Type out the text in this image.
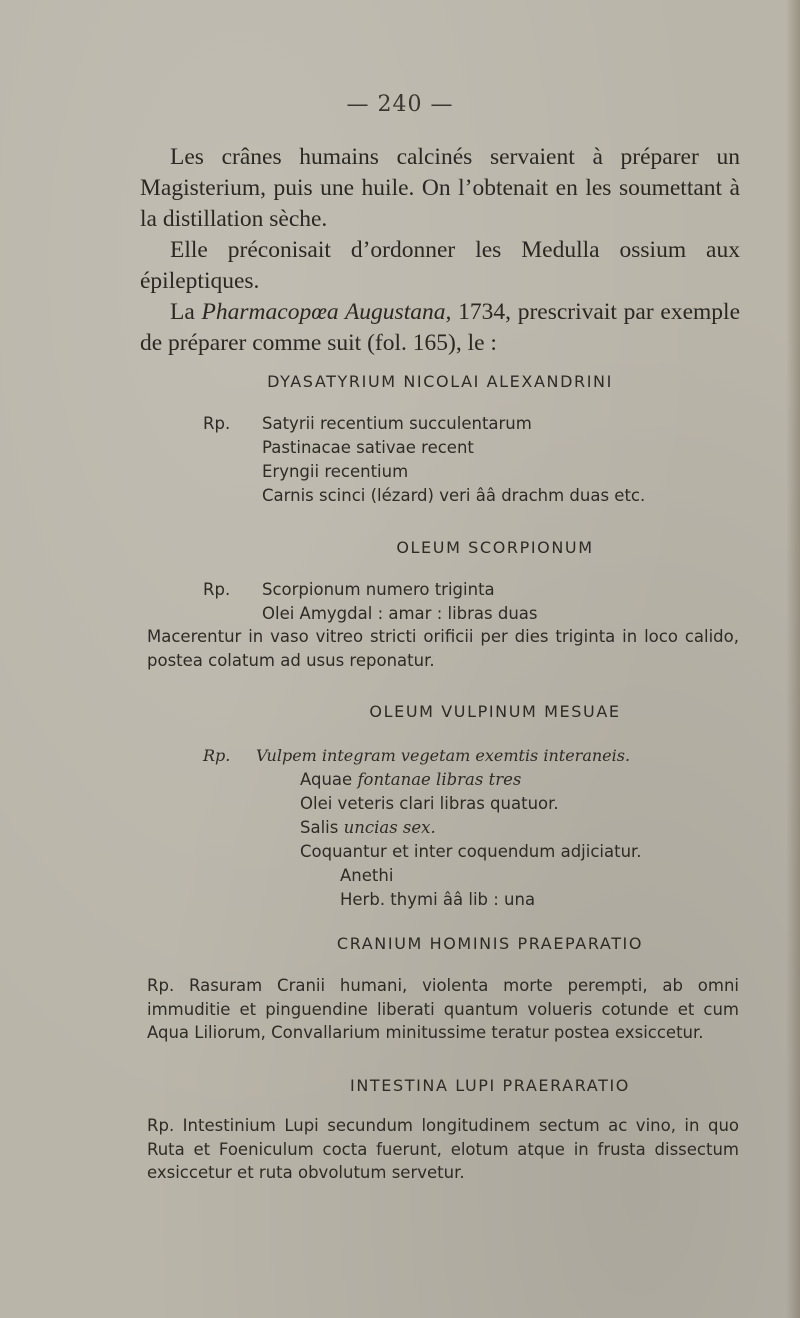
— 240 —

Les crânes humains calcinés servaient à préparer un Magisterium, puis une huile. On l’obtenait en les soumettant à la distillation sèche.

Elle préconisait d’ordonner les Medulla ossium aux épileptiques.

La Pharmacopœa Augustana, 1734, prescrivait par exemple de préparer comme suit (fol. 165), le :

DYASATYRIUM NICOLAI ALEXANDRINI
Rp. Satyrii recentium succulentarum
Pastinacae sativae recent
Eryngii recentium
Carnis scinci (lézard) veri ââ drachm duas etc.
OLEUM SCORPIONUM
Rp. Scorpionum numero triginta
Olei Amygdal : amar : libras duas
Macerentur in vaso vitreo stricti orificii per dies triginta in loco calido, postea colatum ad usus reponatur.
OLEUM VULPINUM MESUAE
Rp. Vulpem integram vegetam exemtis interaneis.
Aquae fontanae libras tres
Olei veteris clari libras quatuor.
Salis uncias sex.
Coquantur et inter coquendum adjiciatur.
Anethi
Herb. thymi ââ lib : una
CRANIUM HOMINIS PRAEPARATIO
Rp. Rasuram Cranii humani, violenta morte perempti, ab omni immuditie et pinguendine liberati quantum volueris cotunde et cum Aqua Liliorum, Convallarium minitussime teratur postea exsiccetur.
INTESTINA LUPI PRAERARATIO
Rp. Intestinium Lupi secundum longitudinem sectum ac vino, in quo Ruta et Foeniculum cocta fuerunt, elotum atque in frusta dissectum exsiccetur et ruta obvolutum servetur.
